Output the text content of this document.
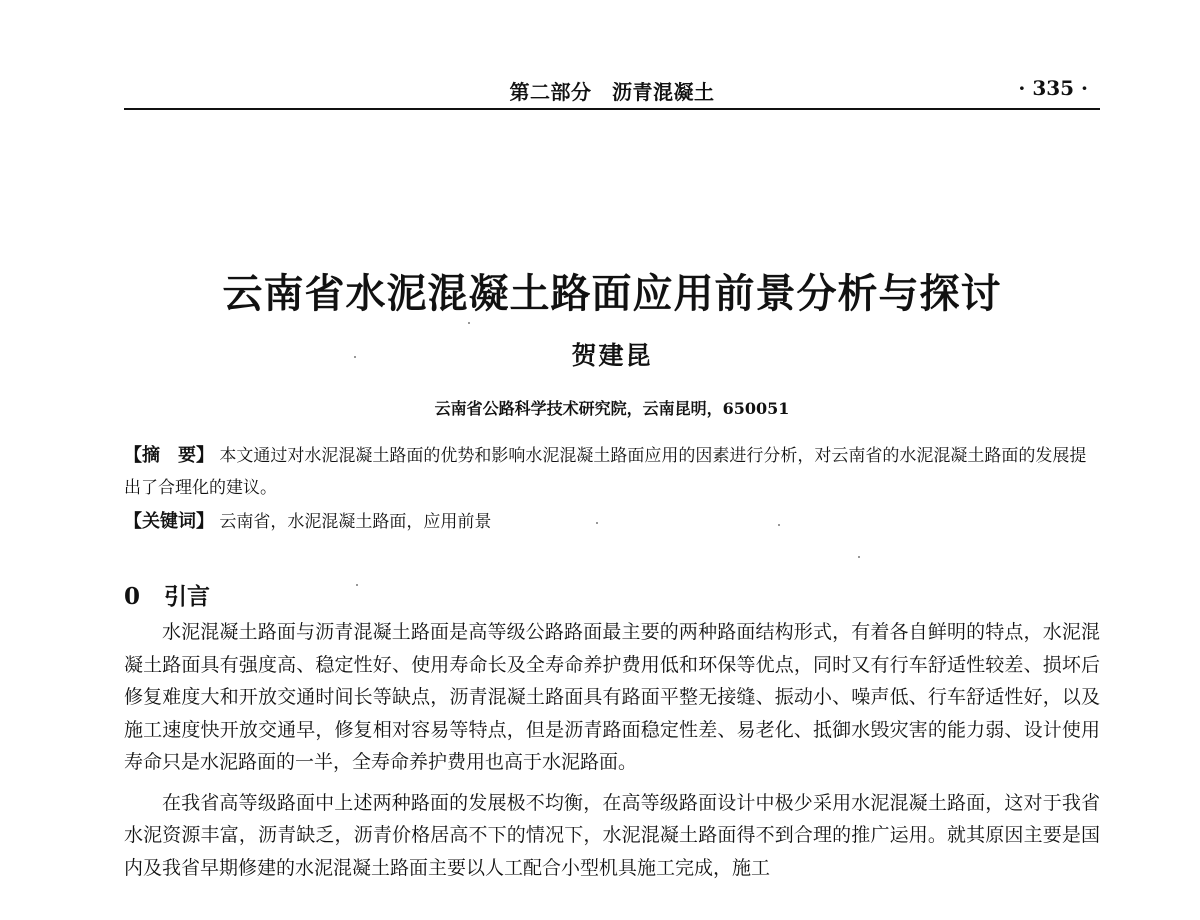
第二部分　沥青混凝土	· 335 ·
云南省水泥混凝土路面应用前景分析与探讨
贺建昆
云南省公路科学技术研究院，云南昆明，650051
【摘　要】 本文通过对水泥混凝土路面的优势和影响水泥混凝土路面应用的因素进行分析，对云南省的水泥混凝土路面的发展提出了合理化的建议。
【关键词】 云南省，水泥混凝土路面，应用前景
0 引言

水泥混凝土路面与沥青混凝土路面是高等级公路路面最主要的两种路面结构形式，有着各自鲜明的特点，水泥混凝土路面具有强度高、稳定性好、使用寿命长及全寿命养护费用低和环保等优点，同时又有行车舒适性较差、损坏后修复难度大和开放交通时间长等缺点，沥青混凝土路面具有路面平整无接缝、振动小、噪声低、行车舒适性好，以及施工速度快开放交通早，修复相对容易等特点，但是沥青路面稳定性差、易老化、抵御水毁灾害的能力弱、设计使用寿命只是水泥路面的一半，全寿命养护费用也高于水泥路面。

在我省高等级路面中上述两种路面的发展极不均衡，在高等级路面设计中极少采用水泥混凝土路面，这对于我省水泥资源丰富，沥青缺乏，沥青价格居高不下的情况下，水泥混凝土路面得不到合理的推广运用。就其原因主要是国内及我省早期修建的水泥混凝土路面主要以人工配合小型机具施工完成，施工
